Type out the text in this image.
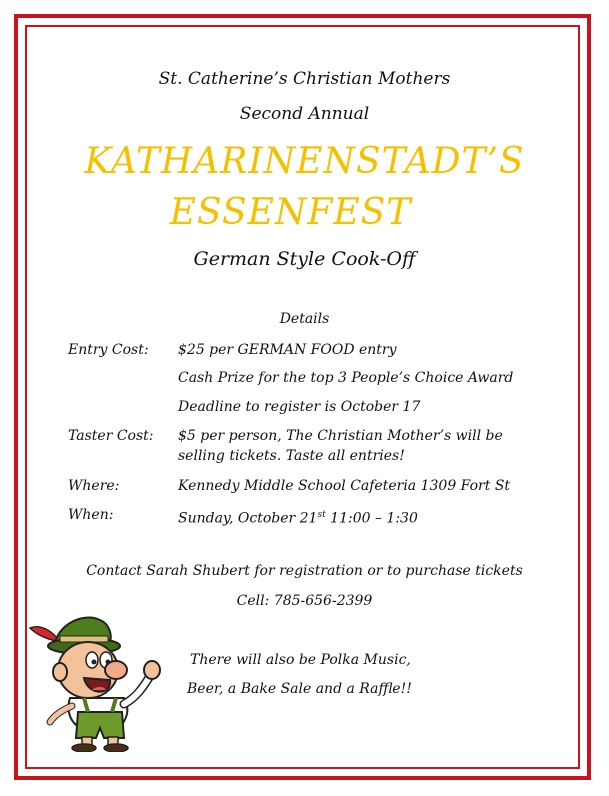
St. Catherine’s Christian Mothers
Second Annual
KATHARINENSTADT’S
ESSENFEST
German Style Cook-Off
Details
Entry Cost: $25 per GERMAN FOOD entry
Cash Prize for the top 3 People’s Choice Award
Deadline to register is October 17
Taster Cost: $5 per person, The Christian Mother’s will be
selling tickets. Taste all entries!
Where:	Kennedy Middle School Cafeteria 1309 Fort St
When:	Sunday, October 21st 11:00 – 1:30
Contact Sarah Shubert for registration or to purchase tickets
Cell: 785-656-2399
There will also be Polka Music,
Beer, a Bake Sale and a Raffle!!
